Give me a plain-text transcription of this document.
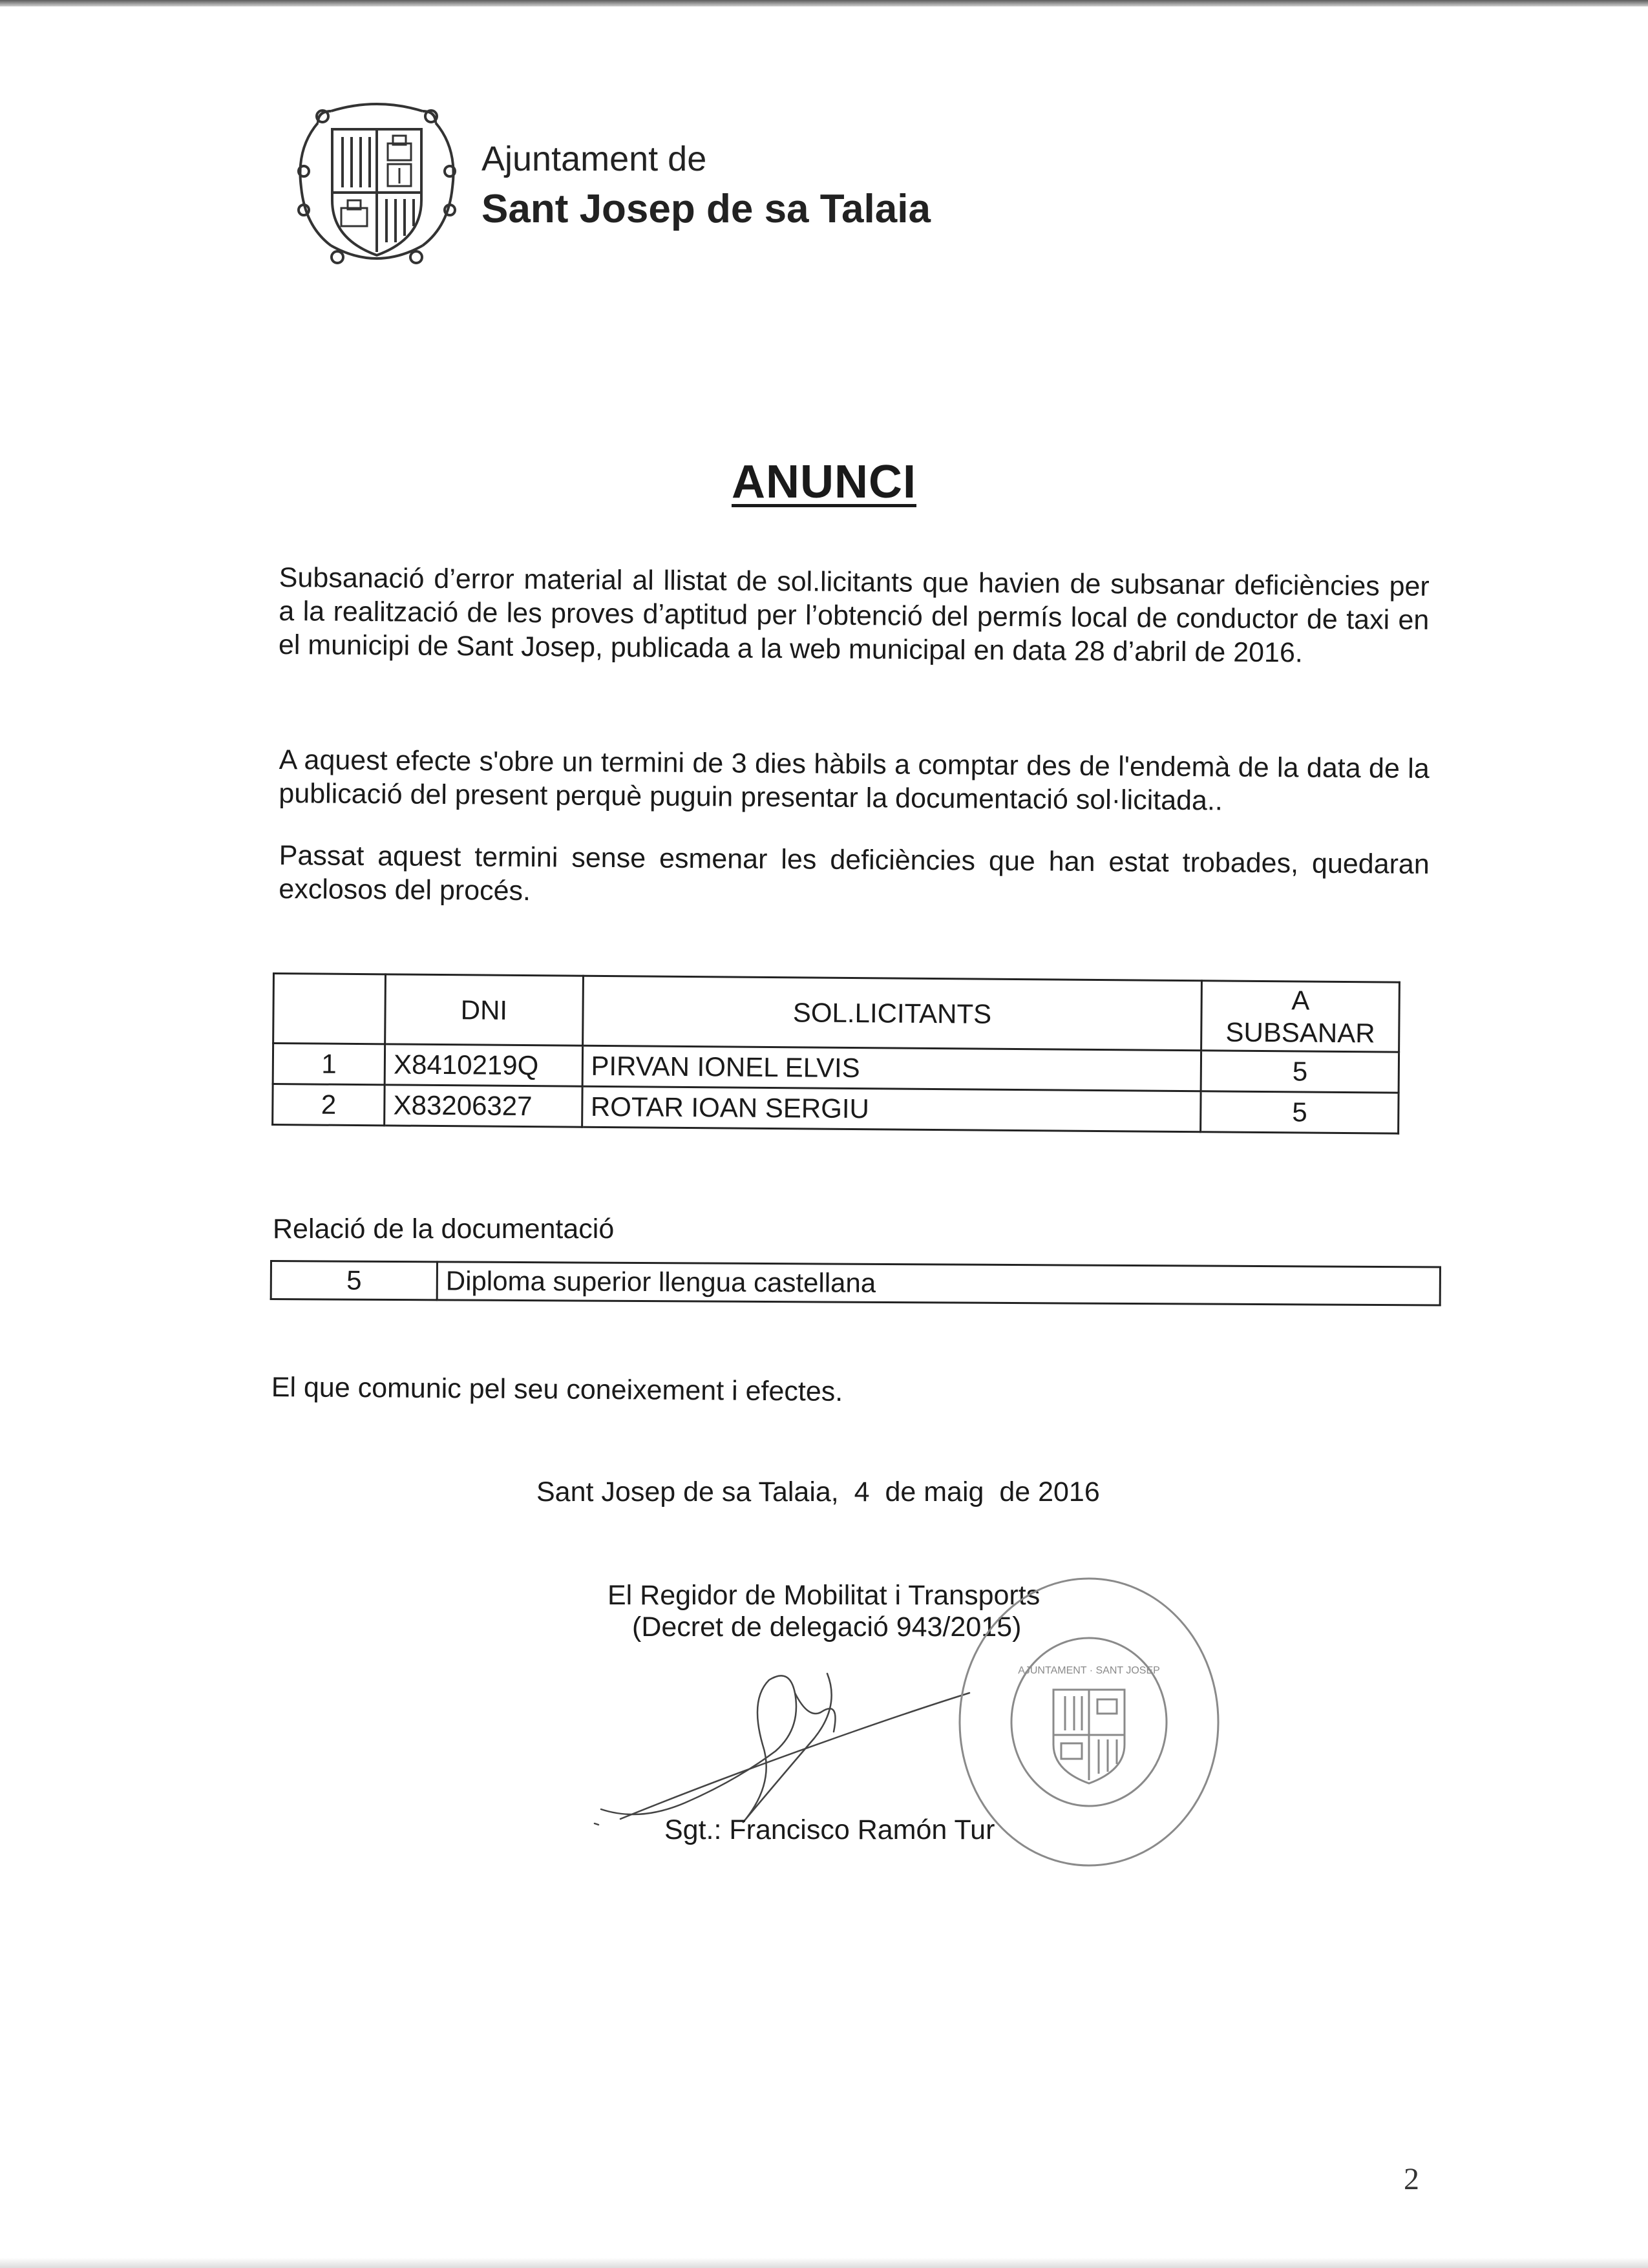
Ajuntament de
Sant Josep de sa Talaia
ANUNCI
Subsanació d’error material al llistat de sol.licitants que havien de subsanar deficiències per a la realització de les proves d’aptitud per l’obtenció del permís local de conductor de taxi en el municipi de Sant Josep, publicada a la web municipal en data 28 d’abril de 2016.
A aquest efecte s'obre un termini de 3 dies hàbils a comptar des de l'endemà de la data de la publicació del present perquè puguin presentar la documentació sol·licitada..
Passat aquest termini sense esmenar les deficiències que han estat trobades, quedaran exclosos del procés.
	DNI	SOL.LICITANTS	A
SUBSANAR
1	X8410219Q	PIRVAN IONEL ELVIS	5
2	X83206327	ROTAR IOAN SERGIU	5
Relació de la documentació
5	Diploma superior llengua castellana
El que comunic pel seu coneixement i efectes.
Sant Josep de sa Talaia,  4  de maig  de 2016
El Regidor de Mobilitat i Transports
(Decret de delegació 943/2015)
Sgt.: Francisco Ramón Tur
AJUNTAMENT · SANT JOSEP
2
